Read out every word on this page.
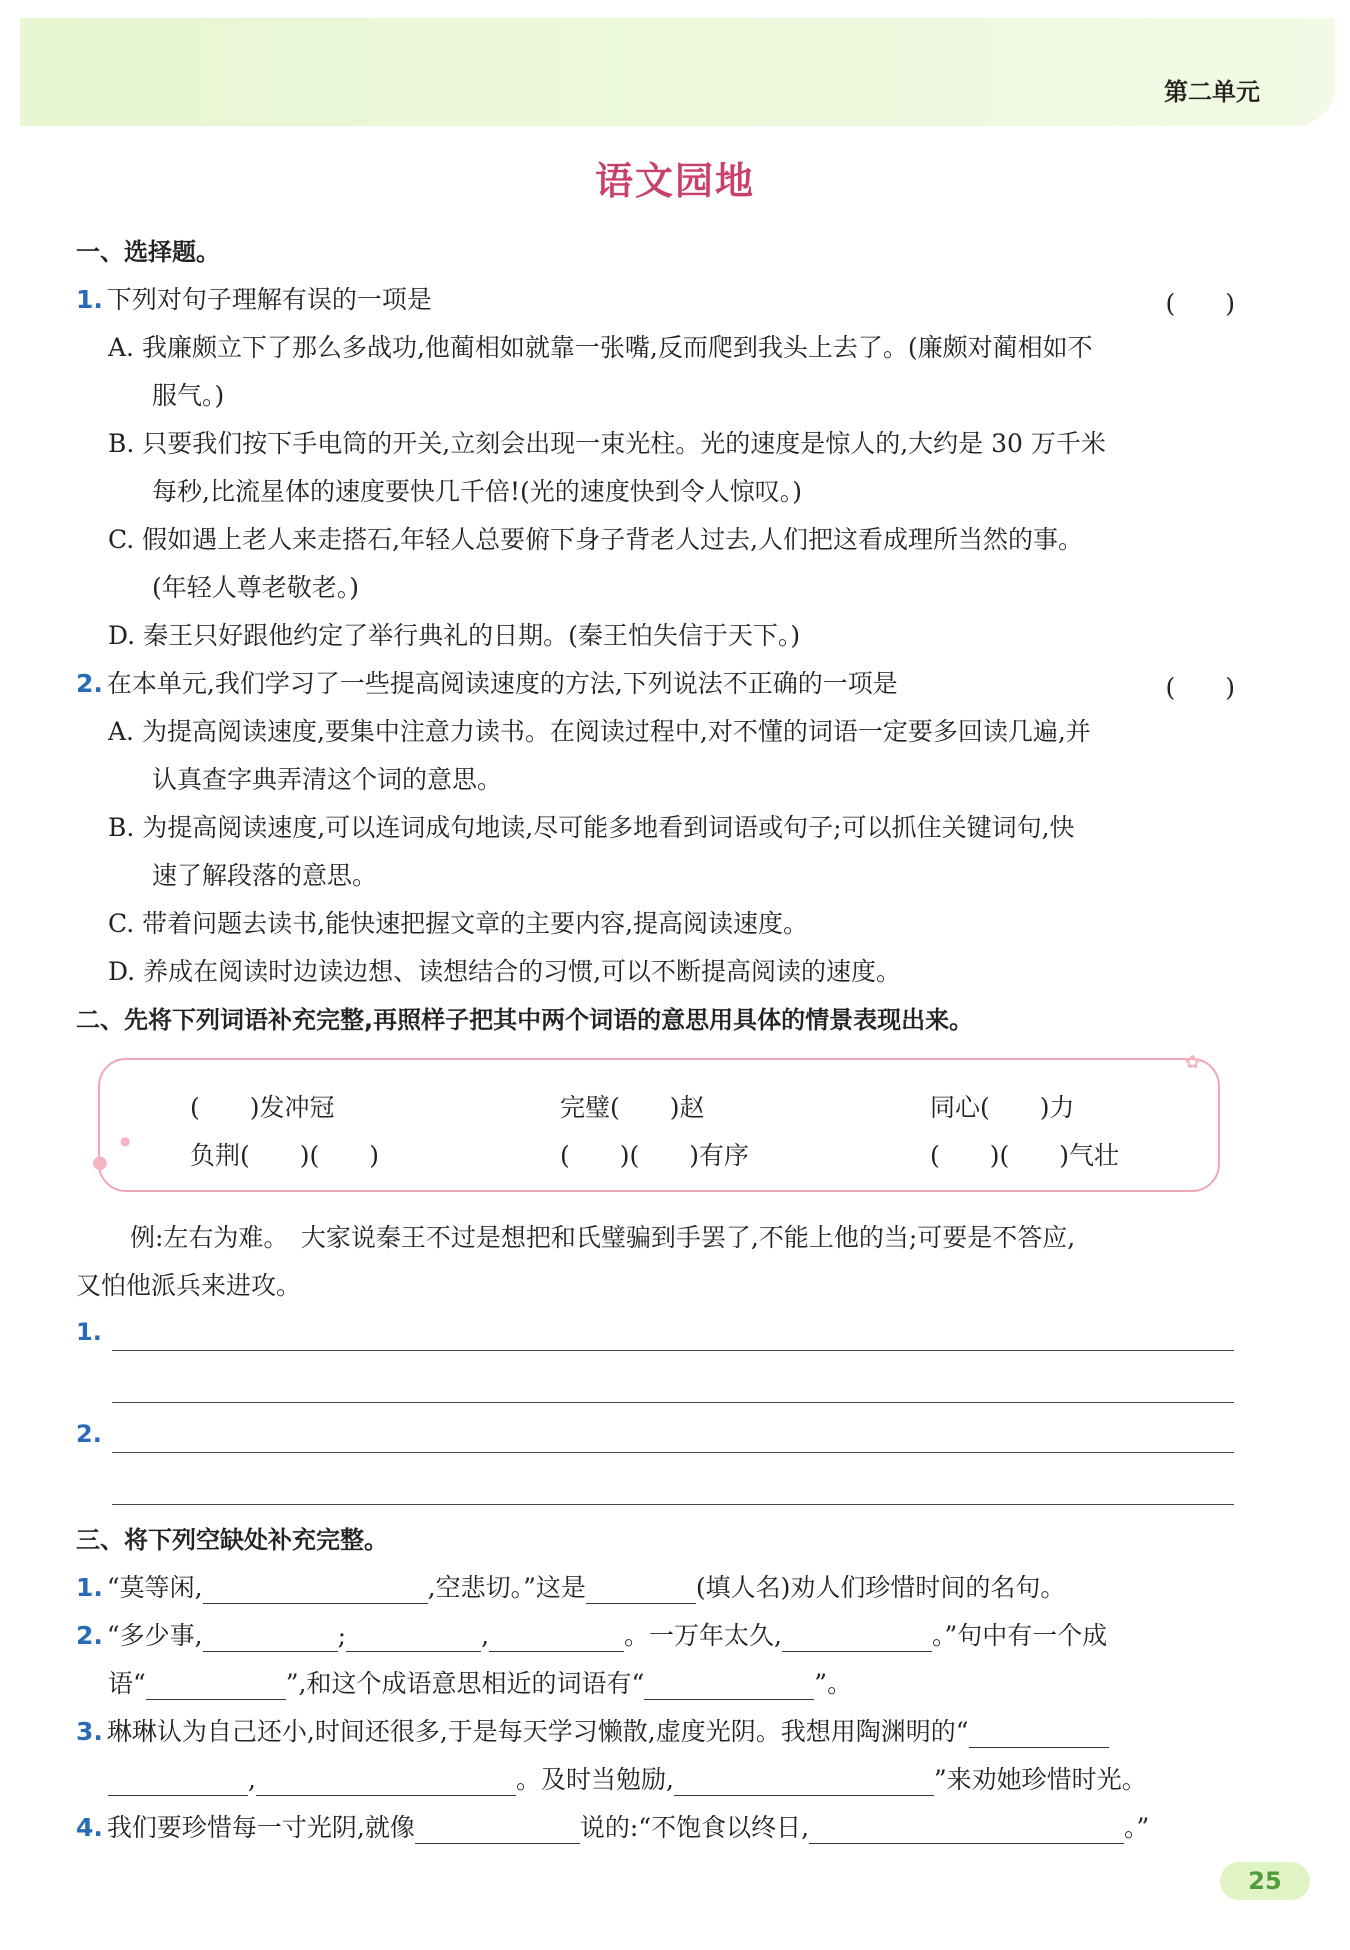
第二单元
语文园地
一、选择题。
1. 下列对句子理解有误的一项是	(　　)
A. 我廉颇立下了那么多战功,他蔺相如就靠一张嘴,反而爬到我头上去了。(廉颇对蔺相如不
服气。)
B. 只要我们按下手电筒的开关,立刻会出现一束光柱。光的速度是惊人的,大约是 30 万千米
每秒,比流星体的速度要快几千倍!(光的速度快到令人惊叹。)
C. 假如遇上老人来走搭石,年轻人总要俯下身子背老人过去,人们把这看成理所当然的事。
(年轻人尊老敬老。)
D. 秦王只好跟他约定了举行典礼的日期。(秦王怕失信于天下。)
2. 在本单元,我们学习了一些提高阅读速度的方法,下列说法不正确的一项是	(　　)
A. 为提高阅读速度,要集中注意力读书。在阅读过程中,对不懂的词语一定要多回读几遍,并
认真查字典弄清这个词的意思。
B. 为提高阅读速度,可以连词成句地读,尽可能多地看到词语或句子;可以抓住关键词句,快
速了解段落的意思。
C. 带着问题去读书,能快速把握文章的主要内容,提高阅读速度。
D. 养成在阅读时边读边想、读想结合的习惯,可以不断提高阅读的速度。
二、先将下列词语补充完整,再照样子把其中两个词语的意思用具体的情景表现出来。
(　　)发冲冠	完璧(　　)赵	同心(　　)力
负荆(　　)(　　)	(　　)(　　)有序	(　　)(　　)气壮
●
●
✿
例:左右为难。　大家说秦王不过是想把和氏璧骗到手罢了,不能上他的当;可要是不答应,
又怕他派兵来进攻。
1.
2.
三、将下列空缺处补充完整。
1. “莫等闲,	,空悲切。”这是	(填人名)劝人们珍惜时间的名句。
2. “多少事,	;	,	。一万年太久,	。”句中有一个成
语“	”,和这个成语意思相近的词语有“	”。
3. 琳琳认为自己还小,时间还很多,于是每天学习懒散,虚度光阴。我想用陶渊明的“
,	。及时当勉励,	”来劝她珍惜时光。
4. 我们要珍惜每一寸光阴,就像	说的:“不饱食以终日,	。”
25
